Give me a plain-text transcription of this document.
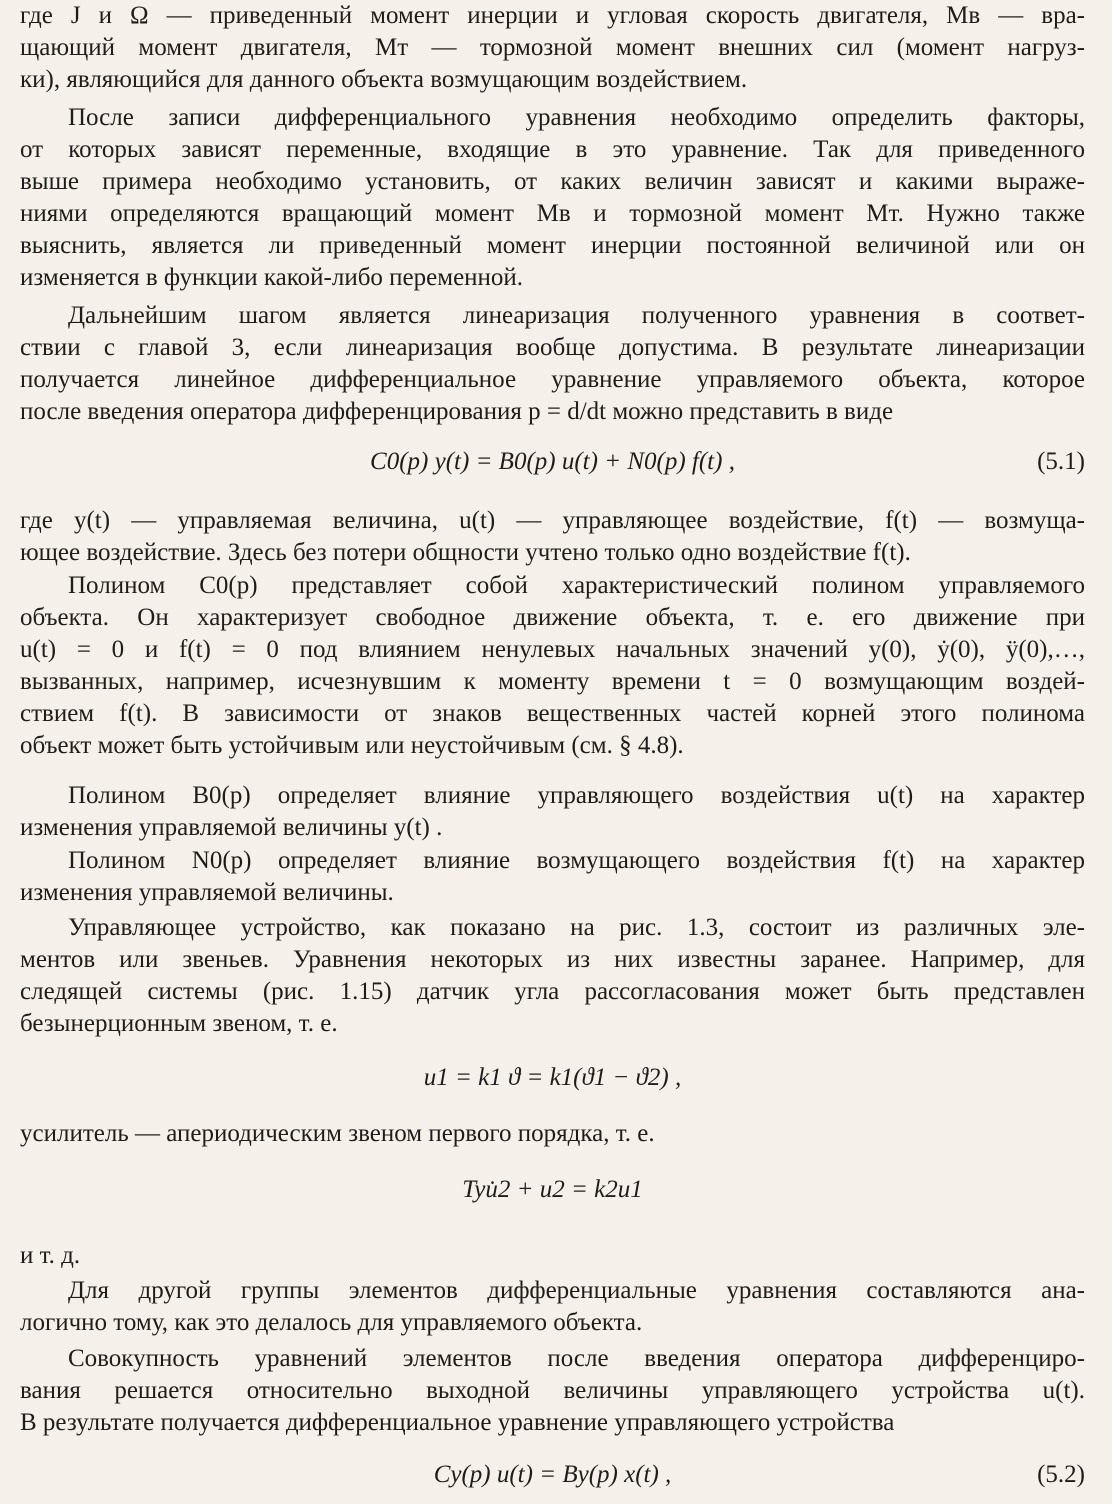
где J и Ω — приведенный момент инерции и угловая скорость двигателя, Mв — вра-
щающий момент двигателя, Mт — тормозной момент внешних сил (момент нагруз-
ки), являющийся для данного объекта возмущающим воздействием.
После записи дифференциального уравнения необходимо определить факторы,
от которых зависят переменные, входящие в это уравнение. Так для приведенного
выше примера необходимо установить, от каких величин зависят и какими выраже-
ниями определяются вращающий момент Mв и тормозной момент Mт. Нужно также
выяснить, является ли приведенный момент инерции постоянной величиной или он
изменяется в функции какой-либо переменной.
Дальнейшим шагом является линеаризация полученного уравнения в соответ-
ствии с главой 3, если линеаризация вообще допустима. В результате линеаризации
получается линейное дифференциальное уравнение управляемого объекта, которое
после введения оператора дифференцирования p = d/dt можно представить в виде
где y(t) — управляемая величина, u(t) — управляющее воздействие, f(t) — возмуща-
ющее воздействие. Здесь без потери общности учтено только одно воздействие f(t).
Полином C0(p) представляет собой характеристический полином управляемого
объекта. Он характеризует свободное движение объекта, т. е. его движение при
u(t) = 0 и f(t) = 0 под влиянием ненулевых начальных значений y(0), ẏ(0), ÿ(0),…,
вызванных, например, исчезнувшим к моменту времени t = 0 возмущающим воздей-
ствием f(t). В зависимости от знаков вещественных частей корней этого полинома
объект может быть устойчивым или неустойчивым (см. § 4.8).
Полином B0(p) определяет влияние управляющего воздействия u(t) на характер
изменения управляемой величины y(t) .
Полином N0(p) определяет влияние возмущающего воздействия f(t) на характер
изменения управляемой величины.
Управляющее устройство, как показано на рис. 1.3, состоит из различных эле-
ментов или звеньев. Уравнения некоторых из них известны заранее. Например, для
следящей системы (рис. 1.15) датчик угла рассогласования может быть представлен
безынерционным звеном, т. е.
усилитель — апериодическим звеном первого порядка, т. е.
и т. д.
Для другой группы элементов дифференциальные уравнения составляются ана-
логично тому, как это делалось для управляемого объекта.
Совокупность уравнений элементов после введения оператора дифференциро-
вания решается относительно выходной величины управляющего устройства u(t).
В результате получается дифференциальное уравнение управляющего устройства
C0(p) y(t) = B0(p) u(t) + N0(p) f(t) ,	(5.1)
u1 = k1 ϑ = k1(ϑ1 − ϑ2) ,
Tyu̇2 + u2 = k2u1
Cy(p) u(t) = By(p) x(t) ,	(5.2)
